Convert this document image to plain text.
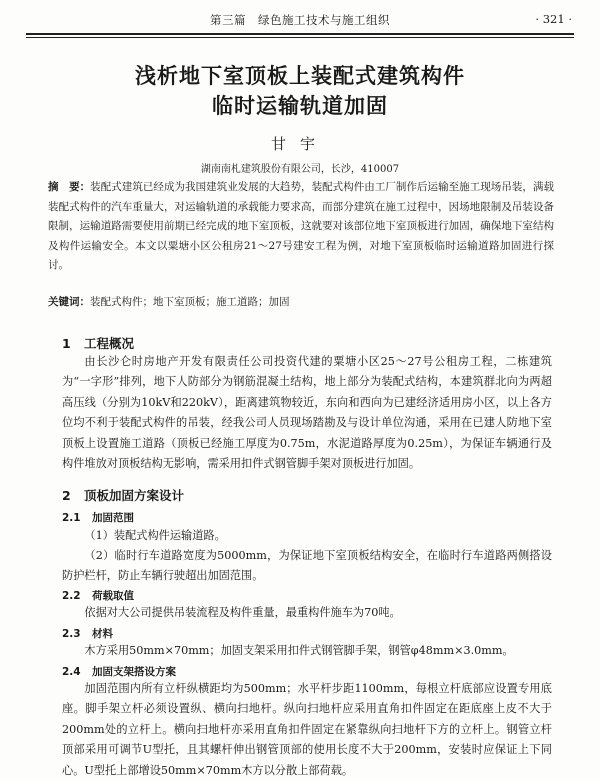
第三篇　绿色施工技术与施工组织	· 321 ·
浅析地下室顶板上装配式建筑构件
临时运输轨道加固
甘宇
湖南南札建筑股份有限公司，长沙，410007
摘　要：装配式建筑已经成为我国建筑业发展的大趋势，装配式构件由工厂制作后运输至施工现场吊装，满载装配式构件的汽车重量大，对运输轨道的承载能力要求高，而部分建筑在施工过程中，因场地限制及吊装设备限制，运输道路需要使用前期已经完成的地下室顶板，这就要对该部位地下室顶板进行加固，确保地下室结构及构件运输安全。本文以粟塘小区公租房21～27号建安工程为例，对地下室顶板临时运输道路加固进行探讨。
关键词：装配式构件；地下室顶板；施工道路；加固
1 工程概况

由长沙仑时房地产开发有限责任公司投资代建的粟塘小区25～27号公租房工程，二栋建筑为“一字形”排列，地下人防部分为钢筋混凝土结构，地上部分为装配式结构，本建筑群北向为两超高压线（分别为10kV和220kV），距离建筑物较近，东向和西向为已建经济适用房小区，以上各方位均不利于装配式构件的吊装，经我公司人员现场踏勘及与设计单位沟通，采用在已建人防地下室顶板上设置施工道路（顶板已经施工厚度为0.75m，水泥道路厚度为0.25m），为保证车辆通行及构件堆放对顶板结构无影响，需采用扣件式钢管脚手架对顶板进行加固。

2 顶板加固方案设计
2.1 加固范围

（1）装配式构件运输道路。

（2）临时行车道路宽度为5000mm，为保证地下室顶板结构安全，在临时行车道路两侧搭设防护栏杆，防止车辆行驶超出加固范围。

2.2 荷载取值

依据对大公司提供吊装流程及构件重量，最重构件施车为70吨。

2.3 材料

木方采用50mm×70mm；加固支架采用扣件式钢管脚手架，钢管φ48mm×3.0mm。

2.4 加固支架搭设方案

加固范围内所有立杆纵横距均为500mm；水平杆步距1100mm，每根立杆底部应设置专用底座。脚手架立杆必须设置纵、横向扫地杆。纵向扫地杆应采用直角扣件固定在距底座上皮不大于200mm处的立杆上。横向扫地杆亦采用直角扣件固定在紧靠纵向扫地杆下方的立杆上。钢管立杆顶部采用可调节U型托，且其螺杆伸出钢管顶部的使用长度不大于200mm，安装时应保证上下同心。U型托上部增设50mm×70mm木方以分散上部荷载。
